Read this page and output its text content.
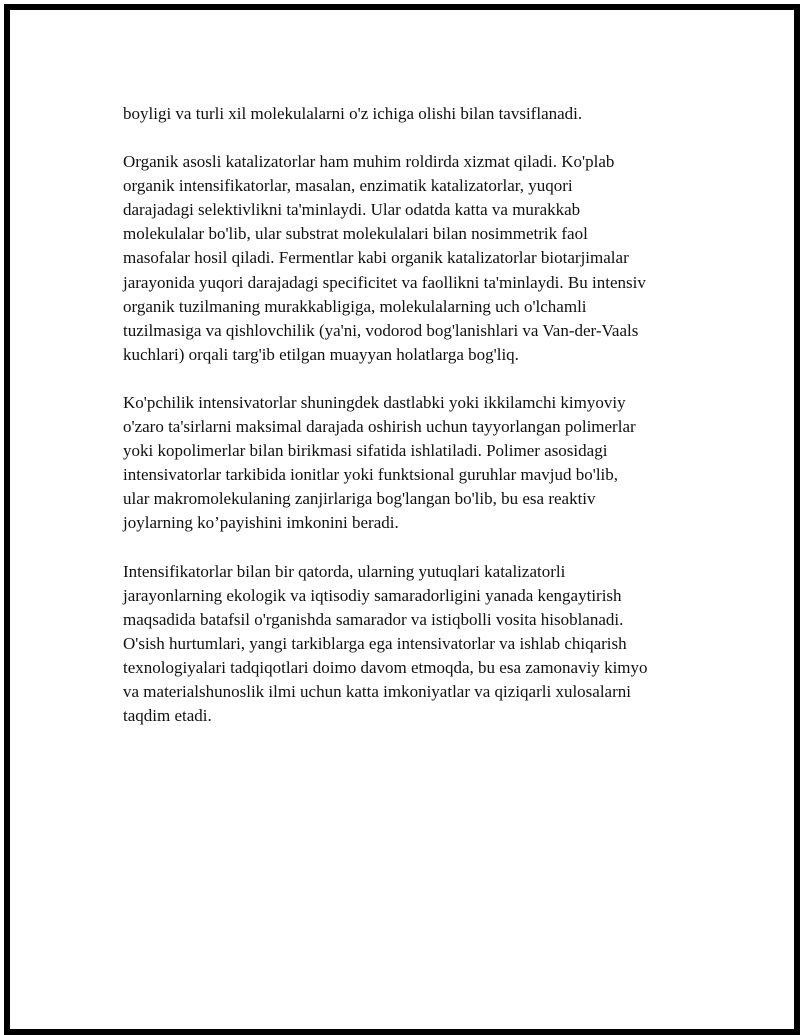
boyligi va turli xil molekulalarni o'z ichiga olishi bilan tavsiflanadi.

Organik asosli katalizatorlar ham muhim roldirda xizmat qiladi. Ko'plab
organik intensifikatorlar, masalan, enzimatik katalizatorlar, yuqori
darajadagi selektivlikni ta'minlaydi. Ular odatda katta va murakkab
molekulalar bo'lib, ular substrat molekulalari bilan nosimmetrik faol
masofalar hosil qiladi. Fermentlar kabi organik katalizatorlar biotarjimalar
jarayonida yuqori darajadagi specificitet va faollikni ta'minlaydi. Bu intensiv
organik tuzilmaning murakkabligiga, molekulalarning uch o'lchamli
tuzilmasiga va qishlovchilik (ya'ni, vodorod bog'lanishlari va Van-der-Vaals
kuchlari) orqali targ'ib etilgan muayyan holatlarga bog'liq.

Ko'pchilik intensivatorlar shuningdek dastlabki yoki ikkilamchi kimyoviy
o'zaro ta'sirlarni maksimal darajada oshirish uchun tayyorlangan polimerlar
yoki kopolimerlar bilan birikmasi sifatida ishlatiladi. Polimer asosidagi
intensivatorlar tarkibida ionitlar yoki funktsional guruhlar mavjud bo'lib,
ular makromolekulaning zanjirlariga bog'langan bo'lib, bu esa reaktiv
joylarning ko’payishini imkonini beradi.

Intensifikatorlar bilan bir qatorda, ularning yutuqlari katalizatorli
jarayonlarning ekologik va iqtisodiy samaradorligini yanada kengaytirish
maqsadida batafsil o'rganishda samarador va istiqbolli vosita hisoblanadi.
O'sish hurtumlari, yangi tarkiblarga ega intensivatorlar va ishlab chiqarish
texnologiyalari tadqiqotlari doimo davom etmoqda, bu esa zamonaviy kimyo
va materialshunoslik ilmi uchun katta imkoniyatlar va qiziqarli xulosalarni
taqdim etadi.
